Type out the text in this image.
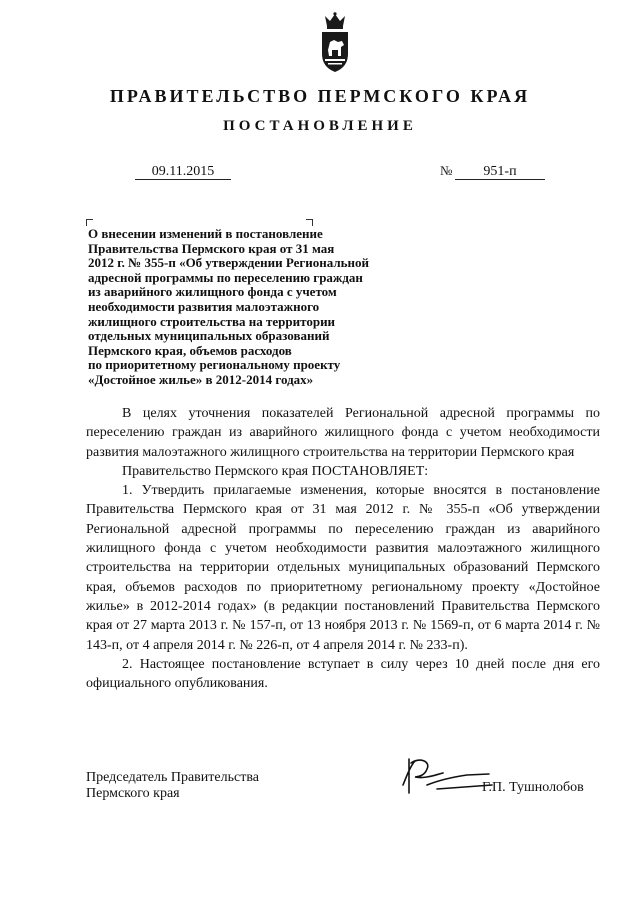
ПРАВИТЕЛЬСТВО ПЕРМСКОГО КРАЯ
ПОСТАНОВЛЕНИЕ
09.11.2015	№	951-п
О внесении изменений в постановление
Правительства Пермского края от 31 мая
2012 г. № 355-п «Об утверждении Региональной
адресной программы по переселению граждан
из аварийного жилищного фонда с учетом
необходимости развития малоэтажного
жилищного строительства на территории
отдельных муниципальных образований
Пермского края, объемов расходов
по приоритетному региональному проекту
«Достойное жилье» в 2012-2014 годах»

В целях уточнения показателей Региональной адресной программы по переселению граждан из аварийного жилищного фонда с учетом необходимости развития малоэтажного жилищного строительства на территории Пермского края

Правительство Пермского края ПОСТАНОВЛЯЕТ:

1. Утвердить прилагаемые изменения, которые вносятся в постановление Правительства Пермского края от 31 мая 2012 г. № 355-п «Об утверждении Региональной адресной программы по переселению граждан из аварийного жилищного фонда с учетом необходимости развития малоэтажного жилищного строительства на территории отдельных муниципальных образований Пермского края, объемов расходов по приоритетному региональному проекту «Достойное жилье» в 2012-2014 годах» (в редакции постановлений Правительства Пермского края от 27 марта 2013 г. № 157-п, от 13 ноября 2013 г. № 1569-п, от 6 марта 2014 г. № 143-п, от 4 апреля 2014 г. № 226-п, от 4 апреля 2014 г. № 233-п).

2. Настоящее постановление вступает в силу через 10 дней после дня его официального опубликования.

Председатель Правительства
Пермского края	Г.П. Тушнолобов
